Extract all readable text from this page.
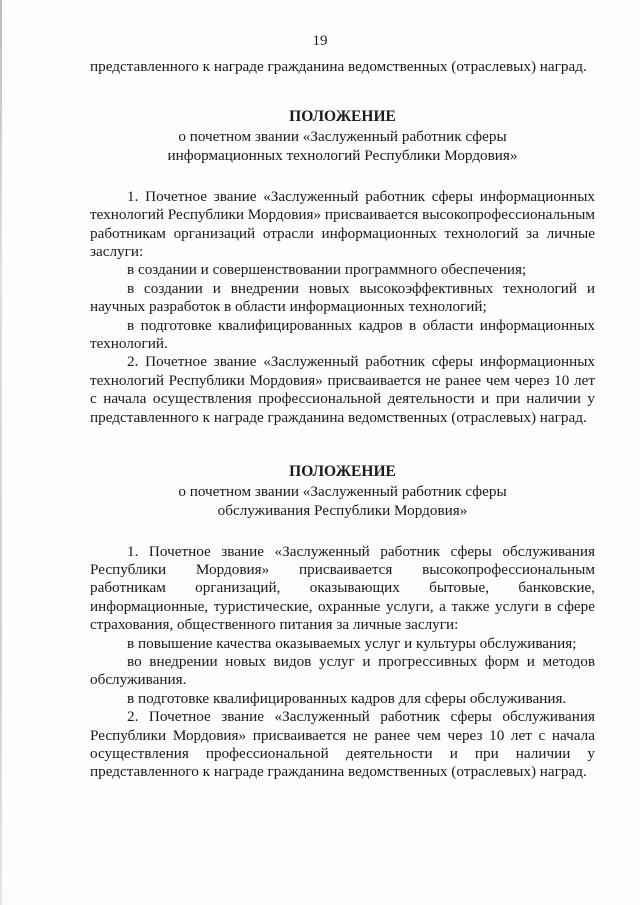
19

представленного к награде гражданина ведомственных (отраслевых) наград.

ПОЛОЖЕНИЕ

о почетном звании «Заслуженный работник сферы

информационных технологий Республики Мордовия»

1. Почетное звание «Заслуженный работник сферы информационных технологий Республики Мордовия» присваивается высокопрофессиональным работникам организаций отрасли информационных технологий за личные заслуги:

в создании и совершенствовании программного обеспечения;

в создании и внедрении новых высокоэффективных технологий и научных разработок в области информационных технологий;

в подготовке квалифицированных кадров в области информационных технологий.

2. Почетное звание «Заслуженный работник сферы информационных технологий Республики Мордовия» присваивается не ранее чем через 10 лет с начала осуществления профессиональной деятельности и при наличии у представленного к награде гражданина ведомственных (отраслевых) наград.

ПОЛОЖЕНИЕ

о почетном звании «Заслуженный работник сферы

обслуживания Республики Мордовия»

1. Почетное звание «Заслуженный работник сферы обслуживания Республики Мордовия» присваивается высокопрофессиональным работникам организаций, оказывающих бытовые, банковские, информационные, туристические, охранные услуги, а также услуги в сфере страхования, общественного питания за личные заслуги:

в повышение качества оказываемых услуг и культуры обслуживания;

во внедрении новых видов услуг и прогрессивных форм и методов обслуживания.

в подготовке квалифицированных кадров для сферы обслуживания.

2. Почетное звание «Заслуженный работник сферы обслуживания Республики Мордовия» присваивается не ранее чем через 10 лет с начала осуществления профессиональной деятельности и при наличии у представленного к награде гражданина ведомственных (отраслевых) наград.
